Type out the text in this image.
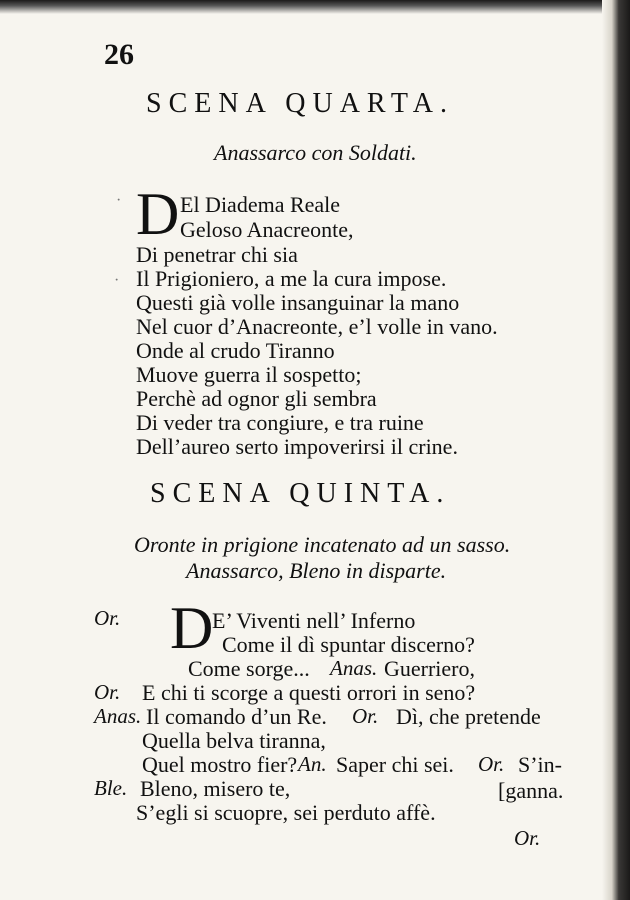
26
SCENA QUARTA.
Anassarco con Soldati.
D El Diadema Reale
Geloso Anacreonte,
Di penetrar chi sia
Il Prigioniero, a me la cura impose.
Questi già volle insanguinar la mano
Nel cuor d’Anacreonte, e’l volle in vano.
Onde al crudo Tiranno
Muove guerra il sospetto;
Perchè ad ognor gli sembra
Di veder tra congiure, e tra ruine
Dell’aureo serto impoverirsi il crine.
SCENA QUINTA.
Oronte in prigione incatenato ad un sasso.
Anassarco, Bleno in disparte.
Or. D
E’ Viventi nell’ Inferno
Come il dì spuntar discerno?
Come sorge... Anas. Guerriero,
Or. E chi ti scorge a questi orrori in seno?
Anas. Il comando d’un Re. Or. Dì, che pretende
Quella belva tiranna,
Quel mostro fier? An. Saper chi sei. Or. S’in-
Ble. Bleno, misero te,	[ganna.
S’egli si scuopre, sei perduto affè.
Or.
·
·
